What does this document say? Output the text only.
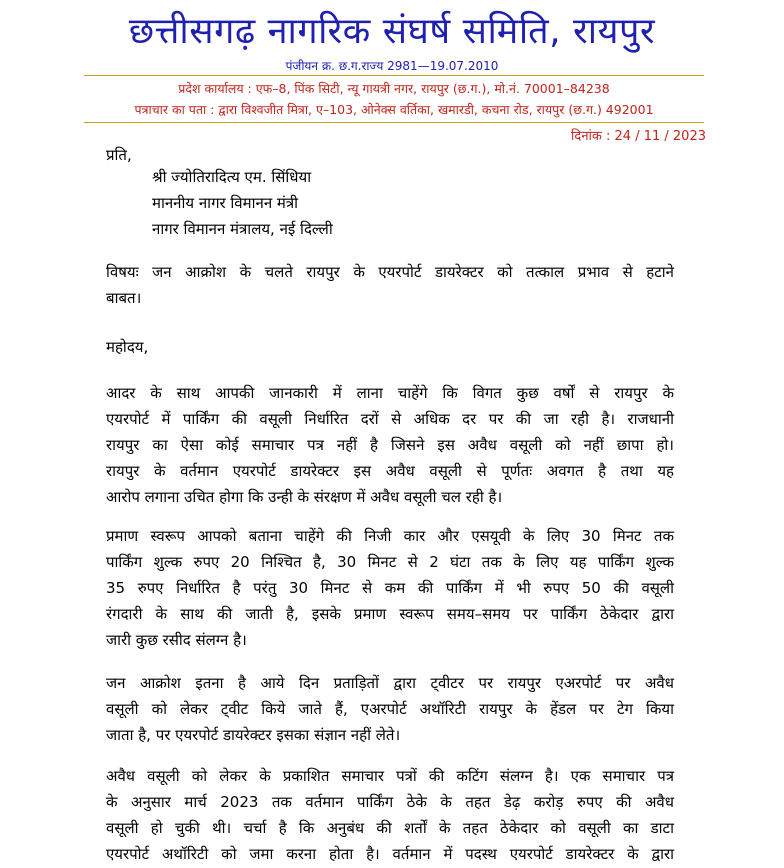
छत्तीसगढ़ नागरिक संघर्ष समिति, रायपुर
पंजीयन क्र. छ.ग.राज्य 2981—19.07.2010
प्रदेश कार्यालय : एफ–8, पिंक सिटी, न्यू गायत्री नगर, रायपुर (छ.ग.), मो.नं. 70001–84238
पत्राचार का पता : द्वारा विश्वजीत मित्रा, ए–103, ओनेक्स वर्तिका, खमारडी, कचना रोड, रायपुर (छ.ग.) 492001
दिनांक : 24 / 11 / 2023
प्रति,
श्री ज्योतिरादित्य एम. सिंधिया
माननीय नागर विमानन मंत्री
नागर विमानन मंत्रालय, नई दिल्ली
विषयः जन आक्रोश के चलते रायपुर के एयरपोर्ट डायरेक्टर को तत्काल प्रभाव से हटाने
बाबत।
महोदय,
आदर के साथ आपकी जानकारी में लाना चाहेंगे कि विगत कुछ वर्षों से रायपुर के
एयरपोर्ट में पार्किंग की वसूली निर्धारित दरों से अधिक दर पर की जा रही है। राजधानी
रायपुर का ऐसा कोई समाचार पत्र नहीं है जिसने इस अवैध वसूली को नहीं छापा हो।
रायपुर के वर्तमान एयरपोर्ट डायरेक्टर इस अवैध वसूली से पूर्णतः अवगत है तथा यह
आरोप लगाना उचित होगा कि उन्ही के संरक्षण में अवैध वसूली चल रही है।
प्रमाण स्वरूप आपको बताना चाहेंगे की निजी कार और एसयूवी के लिए 30 मिनट तक
पार्किंग शुल्क रुपए 20 निश्चित है, 30 मिनट से 2 घंटा तक के लिए यह पार्किंग शुल्क
35 रुपए निर्धारित है परंतु 30 मिनट से कम की पार्किंग में भी रुपए 50 की वसूली
रंगदारी के साथ की जाती है, इसके प्रमाण स्वरूप समय–समय पर पार्किंग ठेकेदार द्वारा
जारी कुछ रसीद संलग्न है।
जन आक्रोश इतना है आये दिन प्रताड़ितों द्वारा ट्वीटर पर रायपुर एअरपोर्ट पर अवैध
वसूली को लेकर ट्वीट किये जाते हैं, एअरपोर्ट अथॉरिटी रायपुर के हेंडल पर टेग किया
जाता है, पर एयरपोर्ट डायरेक्टर इसका संज्ञान नहीं लेते।
अवैध वसूली को लेकर के प्रकाशित समाचार पत्रों की कटिंग संलग्न है। एक समाचार पत्र
के अनुसार मार्च 2023 तक वर्तमान पार्किंग ठेके के तहत डेढ़ करोड़ रुपए की अवैध
वसूली हो चुकी थी। चर्चा है कि अनुबंध की शर्तों के तहत ठेकेदार को वसूली का डाटा
एयरपोर्ट अथॉरिटी को जमा करना होता है। वर्तमान में पदस्थ एयरपोर्ट डायरेक्टर के द्वारा
